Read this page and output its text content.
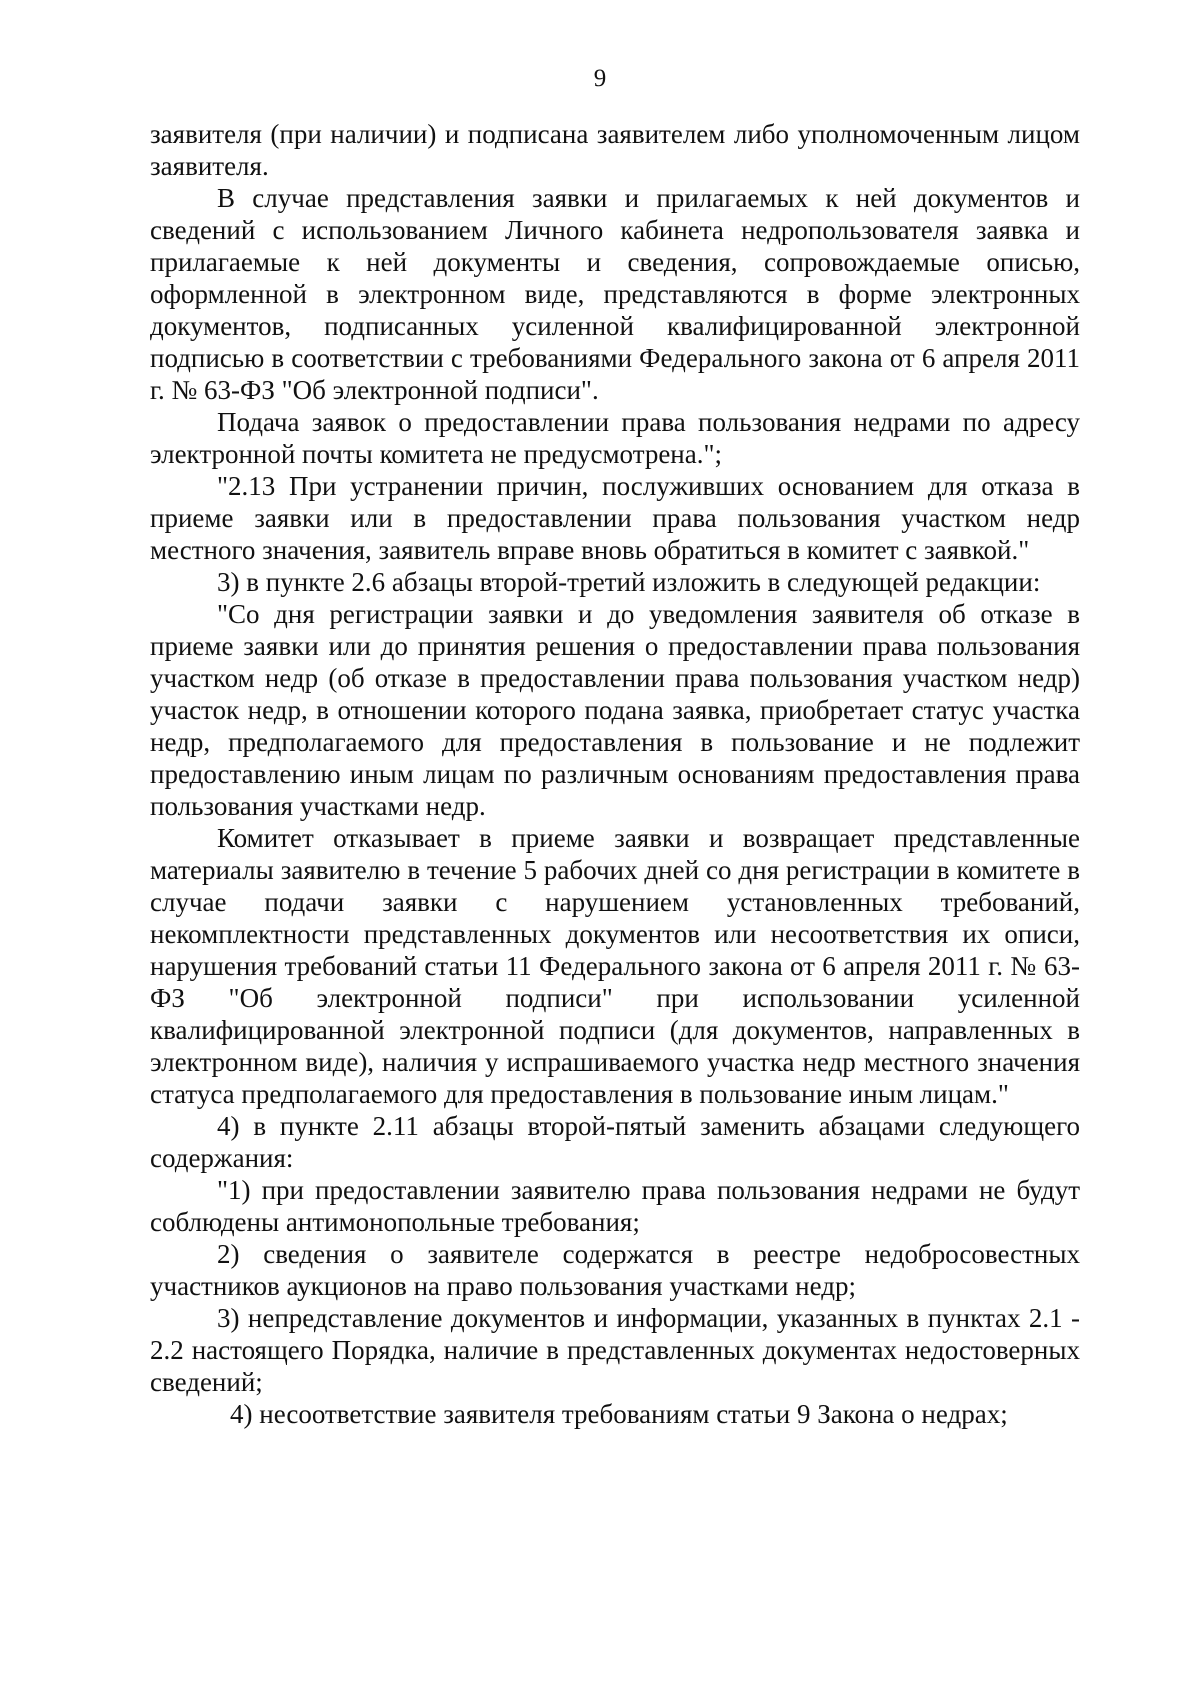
9

заявителя (при наличии) и подписана заявителем либо уполномоченным лицом заявителя.

В случае представления заявки и прилагаемых к ней документов и сведений с использованием Личного кабинета недропользователя заявка и прилагаемые к ней документы и сведения, сопровождаемые описью, оформленной в электронном виде, представляются в форме электронных документов, подписанных усиленной квалифицированной электронной подписью в соответствии с требованиями Федерального закона от 6 апреля 2011 г. № 63-ФЗ "Об электронной подписи".

Подача заявок о предоставлении права пользования недрами по адресу электронной почты комитета не предусмотрена.";

"2.13 При устранении причин, послуживших основанием для отказа в приеме заявки или в предоставлении права пользования участком недр местного значения, заявитель вправе вновь обратиться в комитет с заявкой."

3) в пункте 2.6 абзацы второй-третий изложить в следующей редакции:

"Со дня регистрации заявки и до уведомления заявителя об отказе в приеме заявки или до принятия решения о предоставлении права пользования участком недр (об отказе в предоставлении права пользования участком недр) участок недр, в отношении которого подана заявка, приобретает статус участка недр, предполагаемого для предоставления в пользование и не подлежит предоставлению иным лицам по различным основаниям предоставления права пользования участками недр.

Комитет отказывает в приеме заявки и возвращает представленные материалы заявителю в течение 5 рабочих дней со дня регистрации в комитете в случае подачи заявки с нарушением установленных требований, некомплектности представленных документов или несоответствия их описи, нарушения требований статьи 11 Федерального закона от 6 апреля 2011 г. № 63-ФЗ "Об электронной подписи" при использовании усиленной квалифицированной электронной подписи (для документов, направленных в электронном виде), наличия у испрашиваемого участка недр местного значения статуса предполагаемого для предоставления в пользование иным лицам."

4) в пункте 2.11 абзацы второй-пятый заменить абзацами следующего содержания:

"1) при предоставлении заявителю права пользования недрами не будут соблюдены антимонопольные требования;

2) сведения о заявителе содержатся в реестре недобросовестных участников аукционов на право пользования участками недр;

3) непредставление документов и информации, указанных в пунктах 2.1 - 2.2 настоящего Порядка, наличие в представленных документах недостоверных сведений;

4) несоответствие заявителя требованиям статьи 9 Закона о недрах;
